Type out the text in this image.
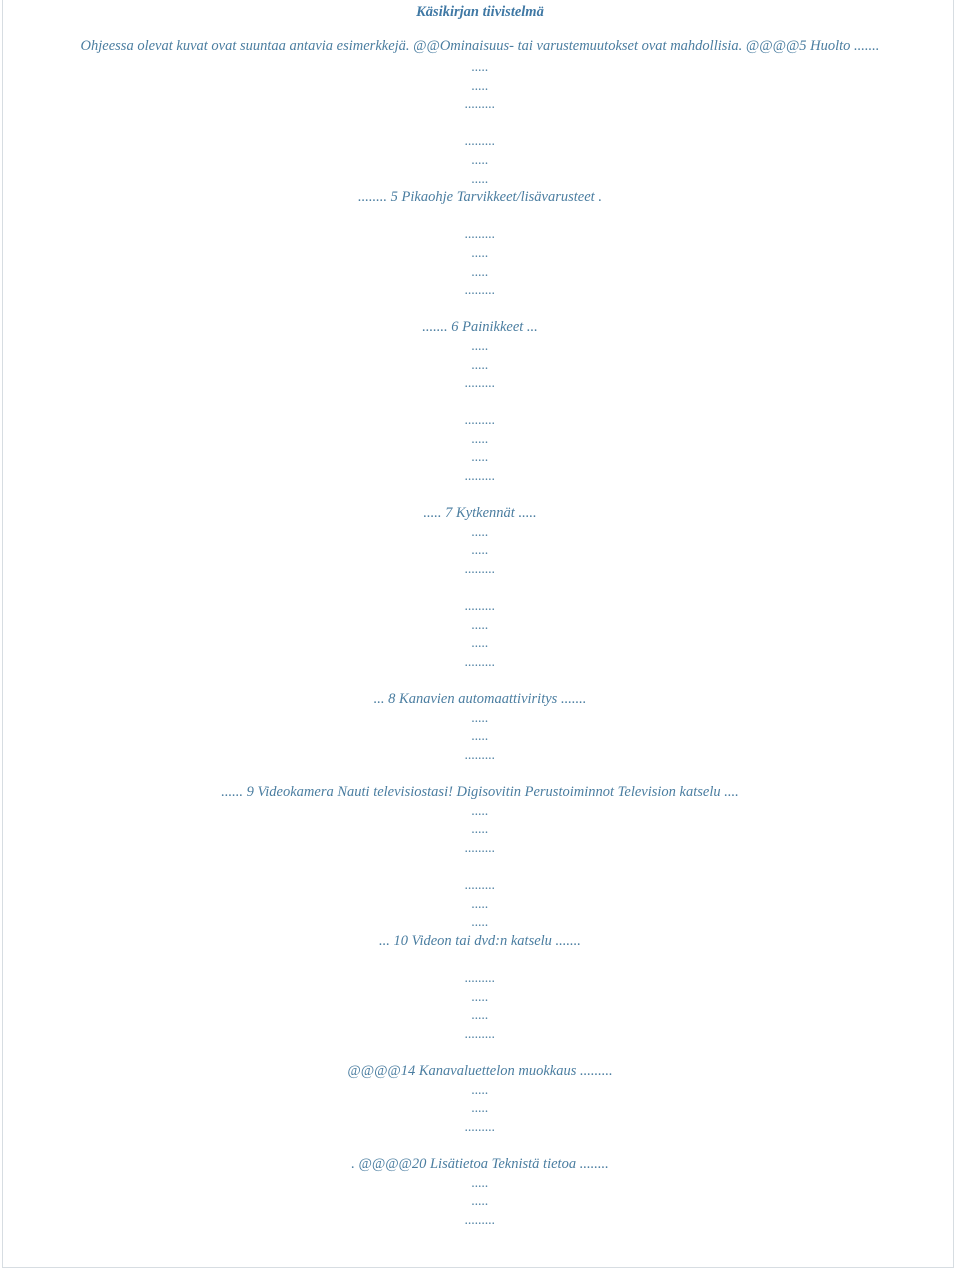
Käsikirjan tiivistelmä
Ohjeessa olevat kuvat ovat suuntaa antavia esimerkkejä. @@Ominaisuus- tai varustemuutokset ovat mahdollisia. @@@@5 Huolto .......
.....
.....
.........
.........
.....
.....
........ 5 Pikaohje Tarvikkeet/lisävarusteet .
.........
.....
.....
.........
....... 6 Painikkeet ...
.....
.....
.........
.........
.....
.....
.........
..... 7 Kytkennät .....
.....
.....
.........
.........
.....
.....
.........
... 8 Kanavien automaattiviritys .......
.....
.....
.........
...... 9 Videokamera Nauti televisiostasi! Digisovitin Perustoiminnot Television katselu ....
.....
.....
.........
.........
.....
.....
... 10 Videon tai dvd:n katselu .......
.........
.....
.....
.........
@@@@14 Kanavaluettelon muokkaus .........
.....
.....
.........
. @@@@20 Lisätietoa Teknistä tietoa ........
.....
.....
.........
